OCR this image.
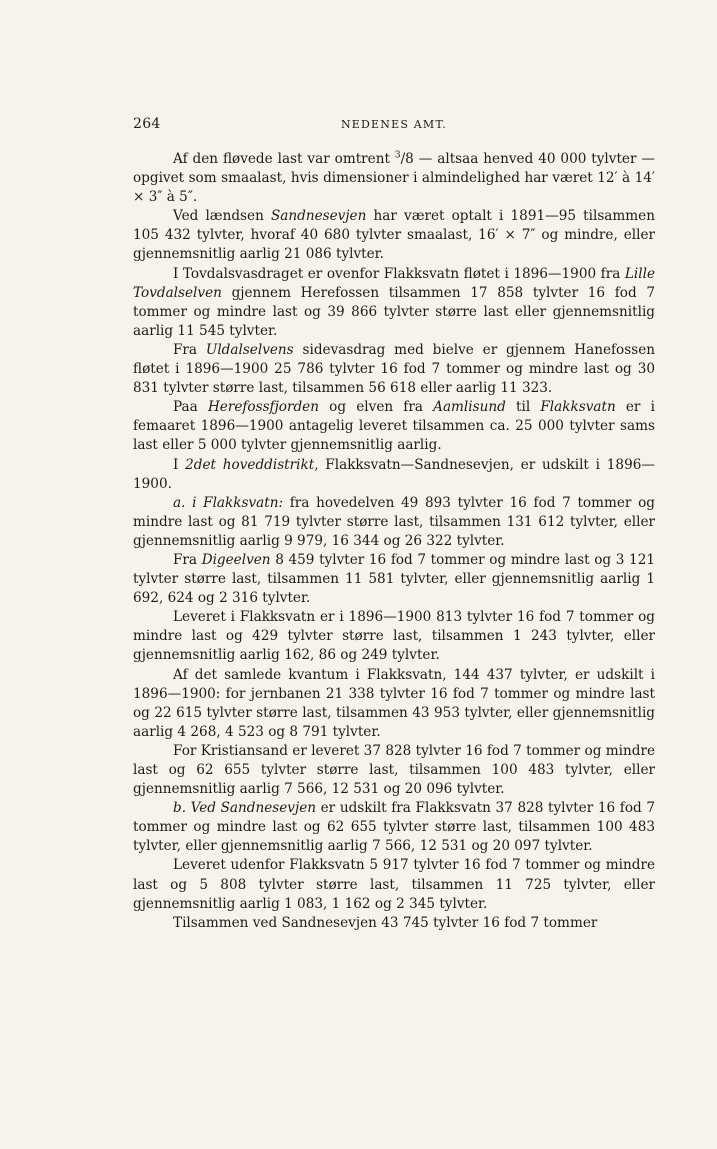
264	NEDENES AMT.

Af den fløvede last var omtrent $^3$/8 — altsaa henved 40 000 tylvter — opgivet som smaalast, hvis dimensioner i almindelighed har været 12′ à 14′ × 3″ à 5″.

Ved lændsen Sandnesevjen har været optalt i 1891—95 tilsammen 105 432 tylvter, hvoraf 40 680 tylvter smaalast, 16′ × 7″ og mindre, eller gjennemsnitlig aarlig 21 086 tylvter.

I Tovdalsvasdraget er ovenfor Flakksvatn fløtet i 1896—1900 fra Lille Tovdalselven gjennem Herefossen tilsammen 17 858 tylvter 16 fod 7 tommer og mindre last og 39 866 tylvter større last eller gjennemsnitlig aarlig 11 545 tylvter.

Fra Uldalselvens sidevasdrag med bielve er gjennem Hanefossen fløtet i 1896—1900 25 786 tylvter 16 fod 7 tommer og mindre last og 30 831 tylvter større last, tilsammen 56 618 eller aarlig 11 323.

Paa Herefossfjorden og elven fra Aamlisund til Flakksvatn er i femaaret 1896—1900 antagelig leveret tilsammen ca. 25 000 tylvter sams last eller 5 000 tylvter gjennemsnitlig aarlig.

I 2det hoveddistrikt, Flakksvatn—Sandnesevjen, er udskilt i 1896—1900.

a. i Flakksvatn: fra hovedelven 49 893 tylvter 16 fod 7 tommer og mindre last og 81 719 tylvter større last, tilsammen 131 612 tylvter, eller gjennemsnitlig aarlig 9 979, 16 344 og 26 322 tylvter.

Fra Digeelven 8 459 tylvter 16 fod 7 tommer og mindre last og 3 121 tylvter større last, tilsammen 11 581 tylvter, eller gjennemsnitlig aarlig 1 692, 624 og 2 316 tylvter.

Leveret i Flakksvatn er i 1896—1900 813 tylvter 16 fod 7 tommer og mindre last og 429 tylvter større last, tilsammen 1 243 tylvter, eller gjennemsnitlig aarlig 162, 86 og 249 tylvter.

Af det samlede kvantum i Flakksvatn, 144 437 tylvter, er udskilt i 1896—1900: for jernbanen 21 338 tylvter 16 fod 7 tommer og mindre last og 22 615 tylvter større last, tilsammen 43 953 tylvter, eller gjennemsnitlig aarlig 4 268, 4 523 og 8 791 tylvter.

For Kristiansand er leveret 37 828 tylvter 16 fod 7 tommer og mindre last og 62 655 tylvter større last, tilsammen 100 483 tylvter, eller gjennemsnitlig aarlig 7 566, 12 531 og 20 096 tylvter.

b. Ved Sandnesevjen er udskilt fra Flakksvatn 37 828 tylvter 16 fod 7 tommer og mindre last og 62 655 tylvter større last, tilsammen 100 483 tylvter, eller gjennemsnitlig aarlig 7 566, 12 531 og 20 097 tylvter.

Leveret udenfor Flakksvatn 5 917 tylvter 16 fod 7 tommer og mindre last og 5 808 tylvter større last, tilsammen 11 725 tylvter, eller gjennemsnitlig aarlig 1 083, 1 162 og 2 345 tylvter.

Tilsammen ved Sandnesevjen 43 745 tylvter 16 fod 7 tommer
